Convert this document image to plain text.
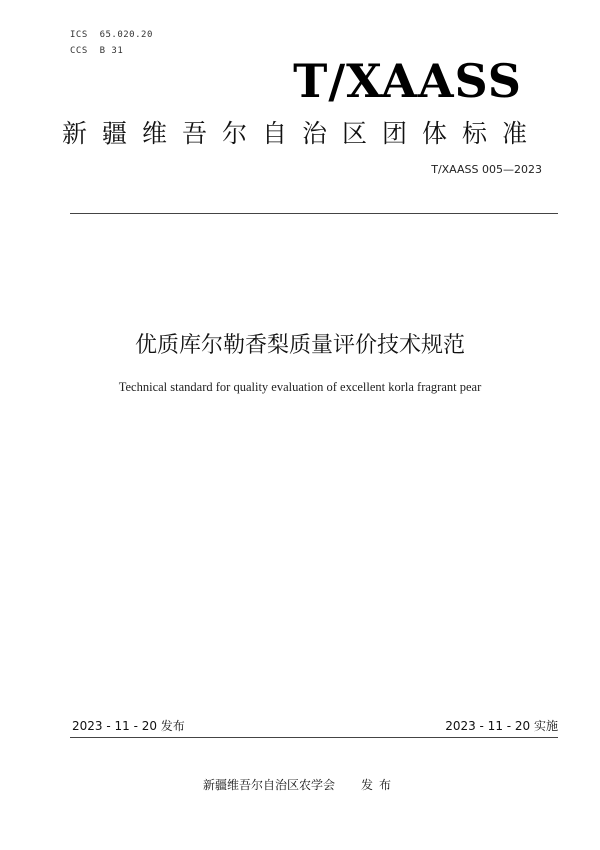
ICS  65.020.20
CCS  B 31
T/XAASS
新疆维吾尔自治区团体标准
T/XAASS 005—2023
优质库尔勒香梨质量评价技术规范
Technical standard for quality evaluation of excellent korla fragrant pear
2023 - 11 - 20 发布	2023 - 11 - 20 实施
新疆维吾尔自治区农学会 发布
